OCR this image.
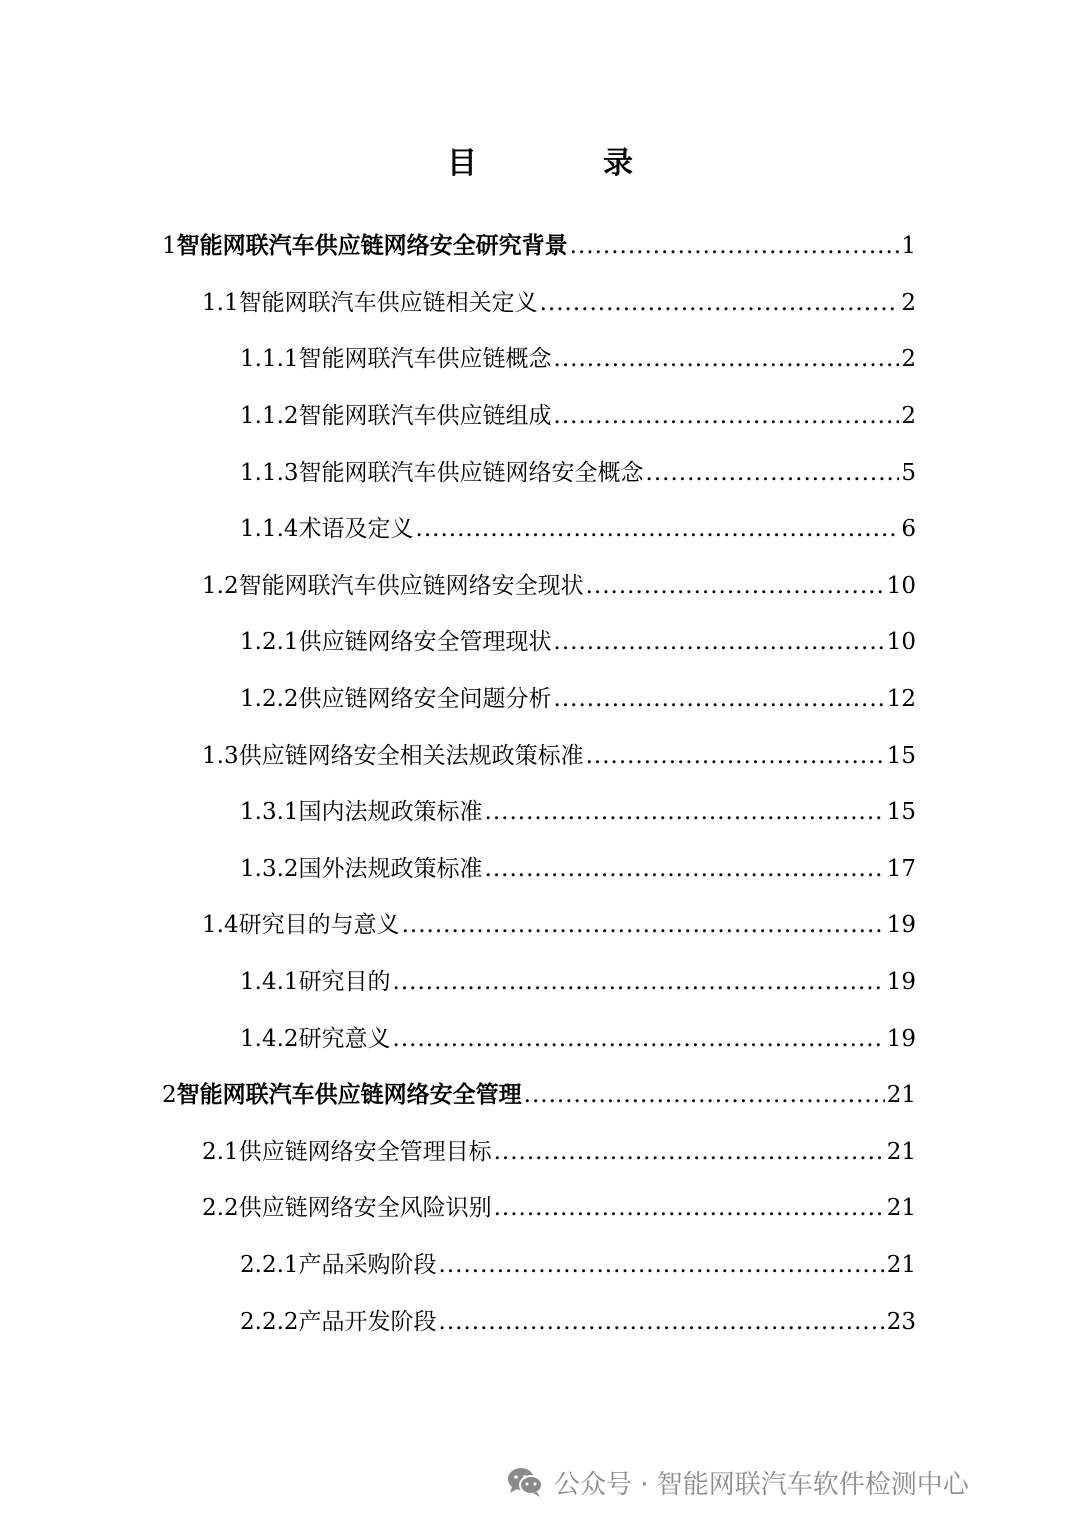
目　录
1 智能网联汽车供应链网络安全研究背景 .....	1
1.1 智能网联汽车供应链相关定义 .....	2
1.1.1 智能网联汽车供应链概念 .....	2
1.1.2 智能网联汽车供应链组成 .....	2
1.1.3 智能网联汽车供应链网络安全概念 .....	5
1.1.4 术语及定义 .....	6
1.2 智能网联汽车供应链网络安全现状 .....	10
1.2.1 供应链网络安全管理现状 .....	10
1.2.2 供应链网络安全问题分析 .....	12
1.3 供应链网络安全相关法规政策标准 .....	15
1.3.1 国内法规政策标准 .....	15
1.3.2 国外法规政策标准 .....	17
1.4 研究目的与意义 .....	19
1.4.1 研究目的 .....	19
1.4.2 研究意义 .....	19
2 智能网联汽车供应链网络安全管理 .....	21
2.1 供应链网络安全管理目标 .....	21
2.2 供应链网络安全风险识别 .....	21
2.2.1 产品采购阶段 .....	21
2.2.2 产品开发阶段 .....	23
公众号 · 智能网联汽车软件检测中心
